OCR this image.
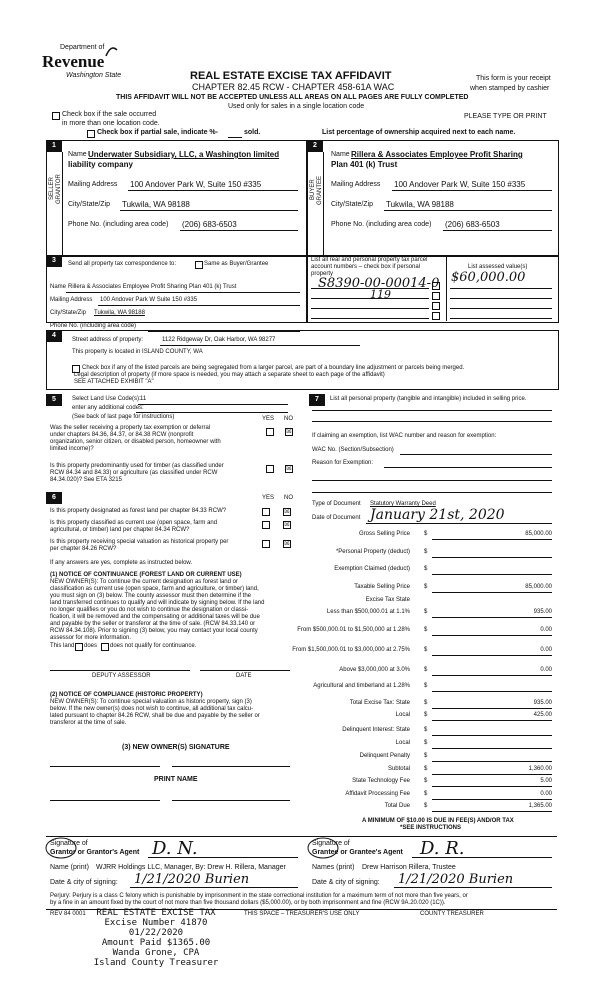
Department of
Revenue
Washington State	REAL ESTATE EXCISE TAX AFFIDAVIT
CHAPTER 82.45 RCW - CHAPTER 458-61A WAC
THIS AFFIDAVIT WILL NOT BE ACCEPTED UNLESS ALL AREAS ON ALL PAGES ARE FULLY COMPLETED
Used only for sales in a single location code
This form is your receipt
when stamped by cashier
Check box if the sale occurred
in more than one location code.
PLEASE TYPE OR PRINT
Check box if partial sale, indicate %-	sold.	List percentage of ownership acquired next to each name.
1
SELLER GRANTOR
Name Underwater Subsidiary, LLC, a Washington limited
liability company
Mailing Address 100 Andover Park W, Suite 150 #335
City/State/Zip Tukwila, WA 98188
Phone No. (including area code) (206) 683-6503
2
BUYER GRANTEE
Name Rillera & Associates Employee Profit Sharing
Plan 401 (k) Trust
Mailing Address 100 Andover Park W, Suite 150 #335
City/State/Zip Tukwila, WA 98188
Phone No. (including area code) (206) 683-6503
3	Send all property tax correspondence to:	Same as Buyer/Grantee
Name Rillera & Associates Employee Profit Sharing Plan 401 (k) Trust
Mailing Address 100 Andover Park W Suite 150 #335
City/State/Zip Tukwila, WA 98188
Phone No. (including area code)
List all real and personal property tax parcel
account numbers – check box if personal
property
List assessed value(s)
S8390-00-00014-0 $60,000.00
119
4
Street address of property:	1122 Ridgeway Dr, Oak Harbor, WA 98277
This property is located in ISLAND COUNTY, WA
Check box if any of the listed parcels are being segregated from a larger parcel, are part of a boundary line adjustment or parcels being merged.
Legal description of property (if more space is needed, you may attach a separate sheet to each page of the affidavit)
SEE ATTACHED EXHIBIT "A"
5	Select Land Use Code(s): 11
enter any additional codes:
(See back of last page for instructions)	YES NO
Was the seller receiving a property tax exemption or deferral
under chapters 84.36, 84.37, or 84.38 RCW (nonprofit
organization, senior citizen, or disabled person, homeowner with
limited income)?
☒
Is this property predominantly used for timber (as classified under
RCW 84.34 and 84.33) or agriculture (as classified under RCW
84.34.020)? See ETA 3215
☒
6	YES NO
Is this property designated as forest land per chapter 84.33 RCW?	☒
Is this property classified as current use (open space, farm and
agricultural, or timber) land per chapter 84.34 RCW?
☒
Is this property receiving special valuation as historical property per
per chapter 84.26 RCW?
☒
If any answers are yes, complete as instructed below.
(1) NOTICE OF CONTINUANCE (FOREST LAND OR CURRENT USE)
NEW OWNER(S): To continue the current designation as forest land or
classification as current use (open space, farm and agriculture, or timber) land,
you must sign on (3) below. The county assessor must then determine if the
land transferred continues to qualify and will indicate by signing below. If the land
no longer qualifies or you do not wish to continue the designation or classi-
fication, it will be removed and the compensating or additional taxes will be due
and payable by the seller or transferor at the time of sale. (RCW 84.33.140 or
RCW 84.34.108). Prior to signing (3) below, you may contact your local county
assessor for more information.
This land does does not qualify for continuance.
DEPUTY ASSESSOR	DATE
(2) NOTICE OF COMPLIANCE (HISTORIC PROPERTY)
NEW OWNER(S): To continue special valuation as historic property, sign (3)
below. If the new owner(s) does not wish to continue, all additional tax calcu-
lated pursuant to chapter 84.26 RCW, shall be due and payable by the seller or
transferor at the time of sale.
(3) NEW OWNER(S) SIGNATURE
PRINT NAME
7	List all personal property (tangible and intangible) included in selling price.
If claiming an exemption, list WAC number and reason for exemption:
WAC No. (Section/Subsection)
Reason for Exemption:
Type of Document Statutory Warranty Deed
Date of Document January 21st, 2020
Gross Selling Price $	85,000.00
*Personal Property (deduct) $
Exemption Claimed (deduct) $
Taxable Selling Price $	85,000.00
Excise Tax State
Less than $500,000.01 at 1.1% $	935.00
From $500,000.01 to $1,500,000 at 1.28% $	0.00
From $1,500,000.01 to $3,000,000 at 2.75% $	0.00
Above $3,000,000 at 3.0% $	0.00
Agricultural and timberland at 1.28% $
Total Excise Tax: State $	935.00
Local $	425.00
Delinquent Interest: State $
Local $
Delinquent Penalty $
Subtotal $	1,360.00
State Technology Fee $	5.00
Affidavit Processing Fee $	0.00
Total Due $	1,365.00
A MINIMUM OF $10.00 IS DUE IN FEE(S) AND/OR TAX
*SEE INSTRUCTIONS
Signature of
Grantor or Grantor's Agent D. N.
Name (print) WJRR Holdings LLC, Manager, By: Drew H. Rillera, Manager
Date & city of signing: 1/21/2020 Burien
Signature of
Grantee or Grantee's Agent D. R.
Names (print) Drew Harrison Rillera, Trustee
Date & city of signing: 1/21/2020 Burien
Perjury: Perjury is a class C felony which is punishable by imprisonment in the state correctional institution for a maximum term of not more than five years, or
by a fine in an amount fixed by the court of not more than five thousand dollars ($5,000.00), or by both imprisonment and fine (RCW 9A.20.020 (1C)).
REV 84 0001	THIS SPACE – TREASURER'S USE ONLY	COUNTY TREASURER
REAL ESTATE EXCISE TAX
Excise Number 41870
01/22/2020
Amount Paid $1365.00
Wanda Grone, CPA
Island County Treasurer
